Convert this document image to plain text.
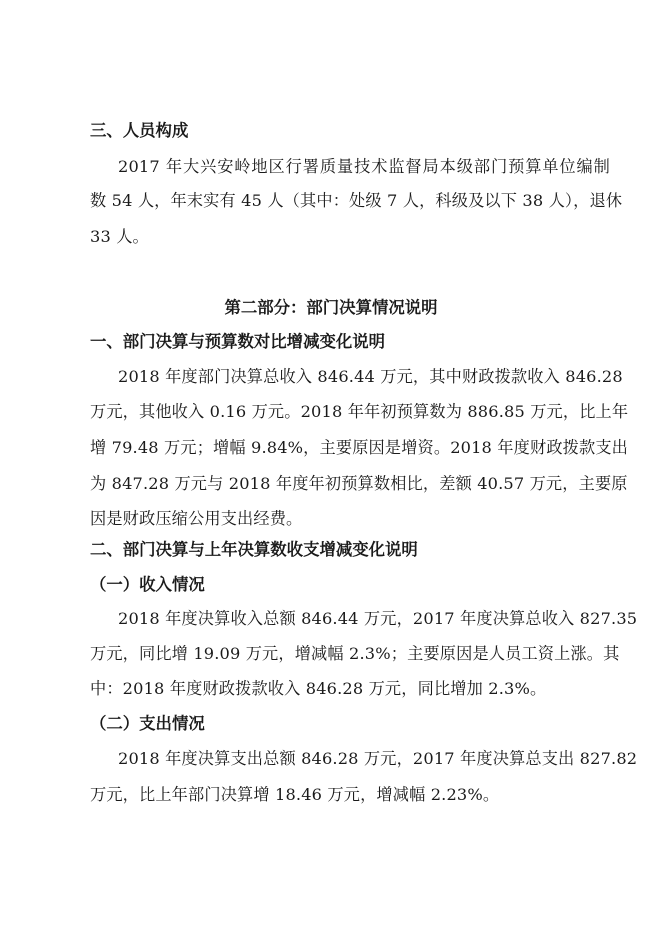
三、人员构成
2017 年大兴安岭地区行署质量技术监督局本级部门预算单位编制
数 54 人，年末实有 45 人（其中：处级 7 人，科级及以下 38 人），退休
33 人。
第二部分：部门决算情况说明
一、部门决算与预算数对比增减变化说明
2018 年度部门决算总收入 846.44 万元，其中财政拨款收入 846.28
万元，其他收入 0.16 万元。2018 年年初预算数为 886.85 万元，比上年
增 79.48 万元；增幅 9.84%，主要原因是增资。2018 年度财政拨款支出
为 847.28 万元与 2018 年度年初预算数相比，差额 40.57 万元，主要原
因是财政压缩公用支出经费。
二、部门决算与上年决算数收支增减变化说明
（一）收入情况
2018 年度决算收入总额 846.44 万元，2017 年度决算总收入 827.35
万元，同比增 19.09 万元，增减幅 2.3%；主要原因是人员工资上涨。其
中：2018 年度财政拨款收入 846.28 万元，同比增加 2.3%。
（二）支出情况
2018 年度决算支出总额 846.28 万元，2017 年度决算总支出 827.82
万元，比上年部门决算增 18.46 万元，增减幅 2.23%。
